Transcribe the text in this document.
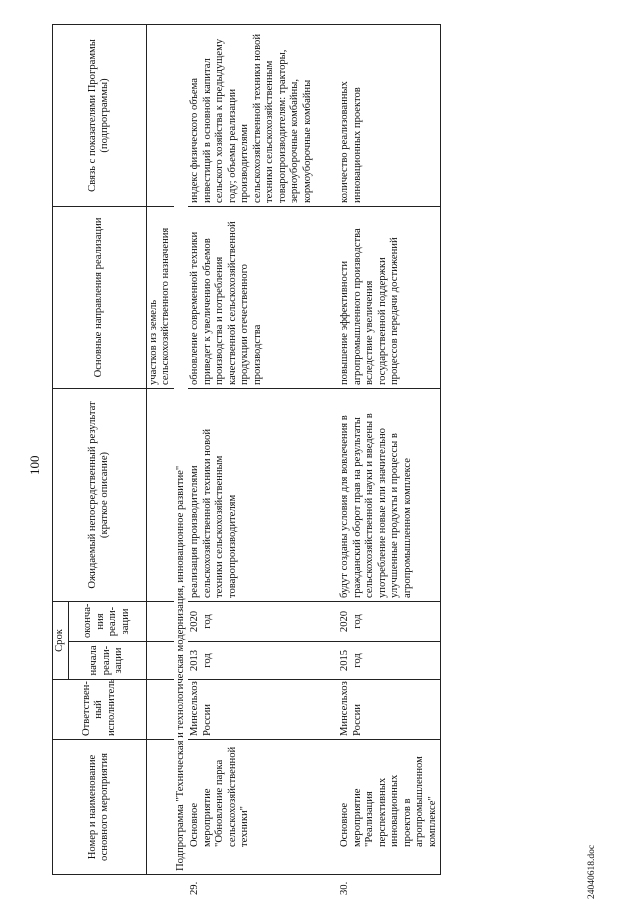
100
Номер и наименование основного мероприятия	Ответствен-ный исполнитель	Срок		Ожидаемый непосредственный результат (краткое описание)	Основные направления реализации	Связь с показателями Программы (подпрограммы)
		начала реали-зации	оконча-ния реали-зации			
					участков из земель сельскохозяйственного назначения	
Подпрограмма "Техническая и технологическая модернизация, инновационное развитие"						

29.Основное мероприятие "Обновление парка сельскохозяйственной техники"	Минсельхоз России	2013 год	2020 год	реализация производителями сельскохозяйственной техники новой техники сельскохозяйственным товаропроизводителям	обновление современной техники приведет к увеличению объемов производства и потребления качественной сельскохозяйственной продукции отечественного производства	индекс физического объема инвестиций в основной капитал сельского хозяйства к предыдущему году; объемы реализации производителями сельскохозяйственной техники новой техники сельскохозяйственным товаропроизводителям: тракторы, зерноуборочные комбайны, кормоуборочные комбайны

30.Основное мероприятие "Реализация перспективных инновационных проектов в агропромышленном комплексе"	Минсельхоз России	2015 год	2020 год	будут созданы условия для вовлечения в гражданский оборот прав на результаты сельскохозяйственной науки и введены в употребление новые или значительно улучшенные продукты и процессы в агропромышленном комплексе	повышение эффективности агропромышленного производства вследствие увеличения государственной поддержки процессов передачи достижений	количество реализованных инновационных проектов
24040618.doc
